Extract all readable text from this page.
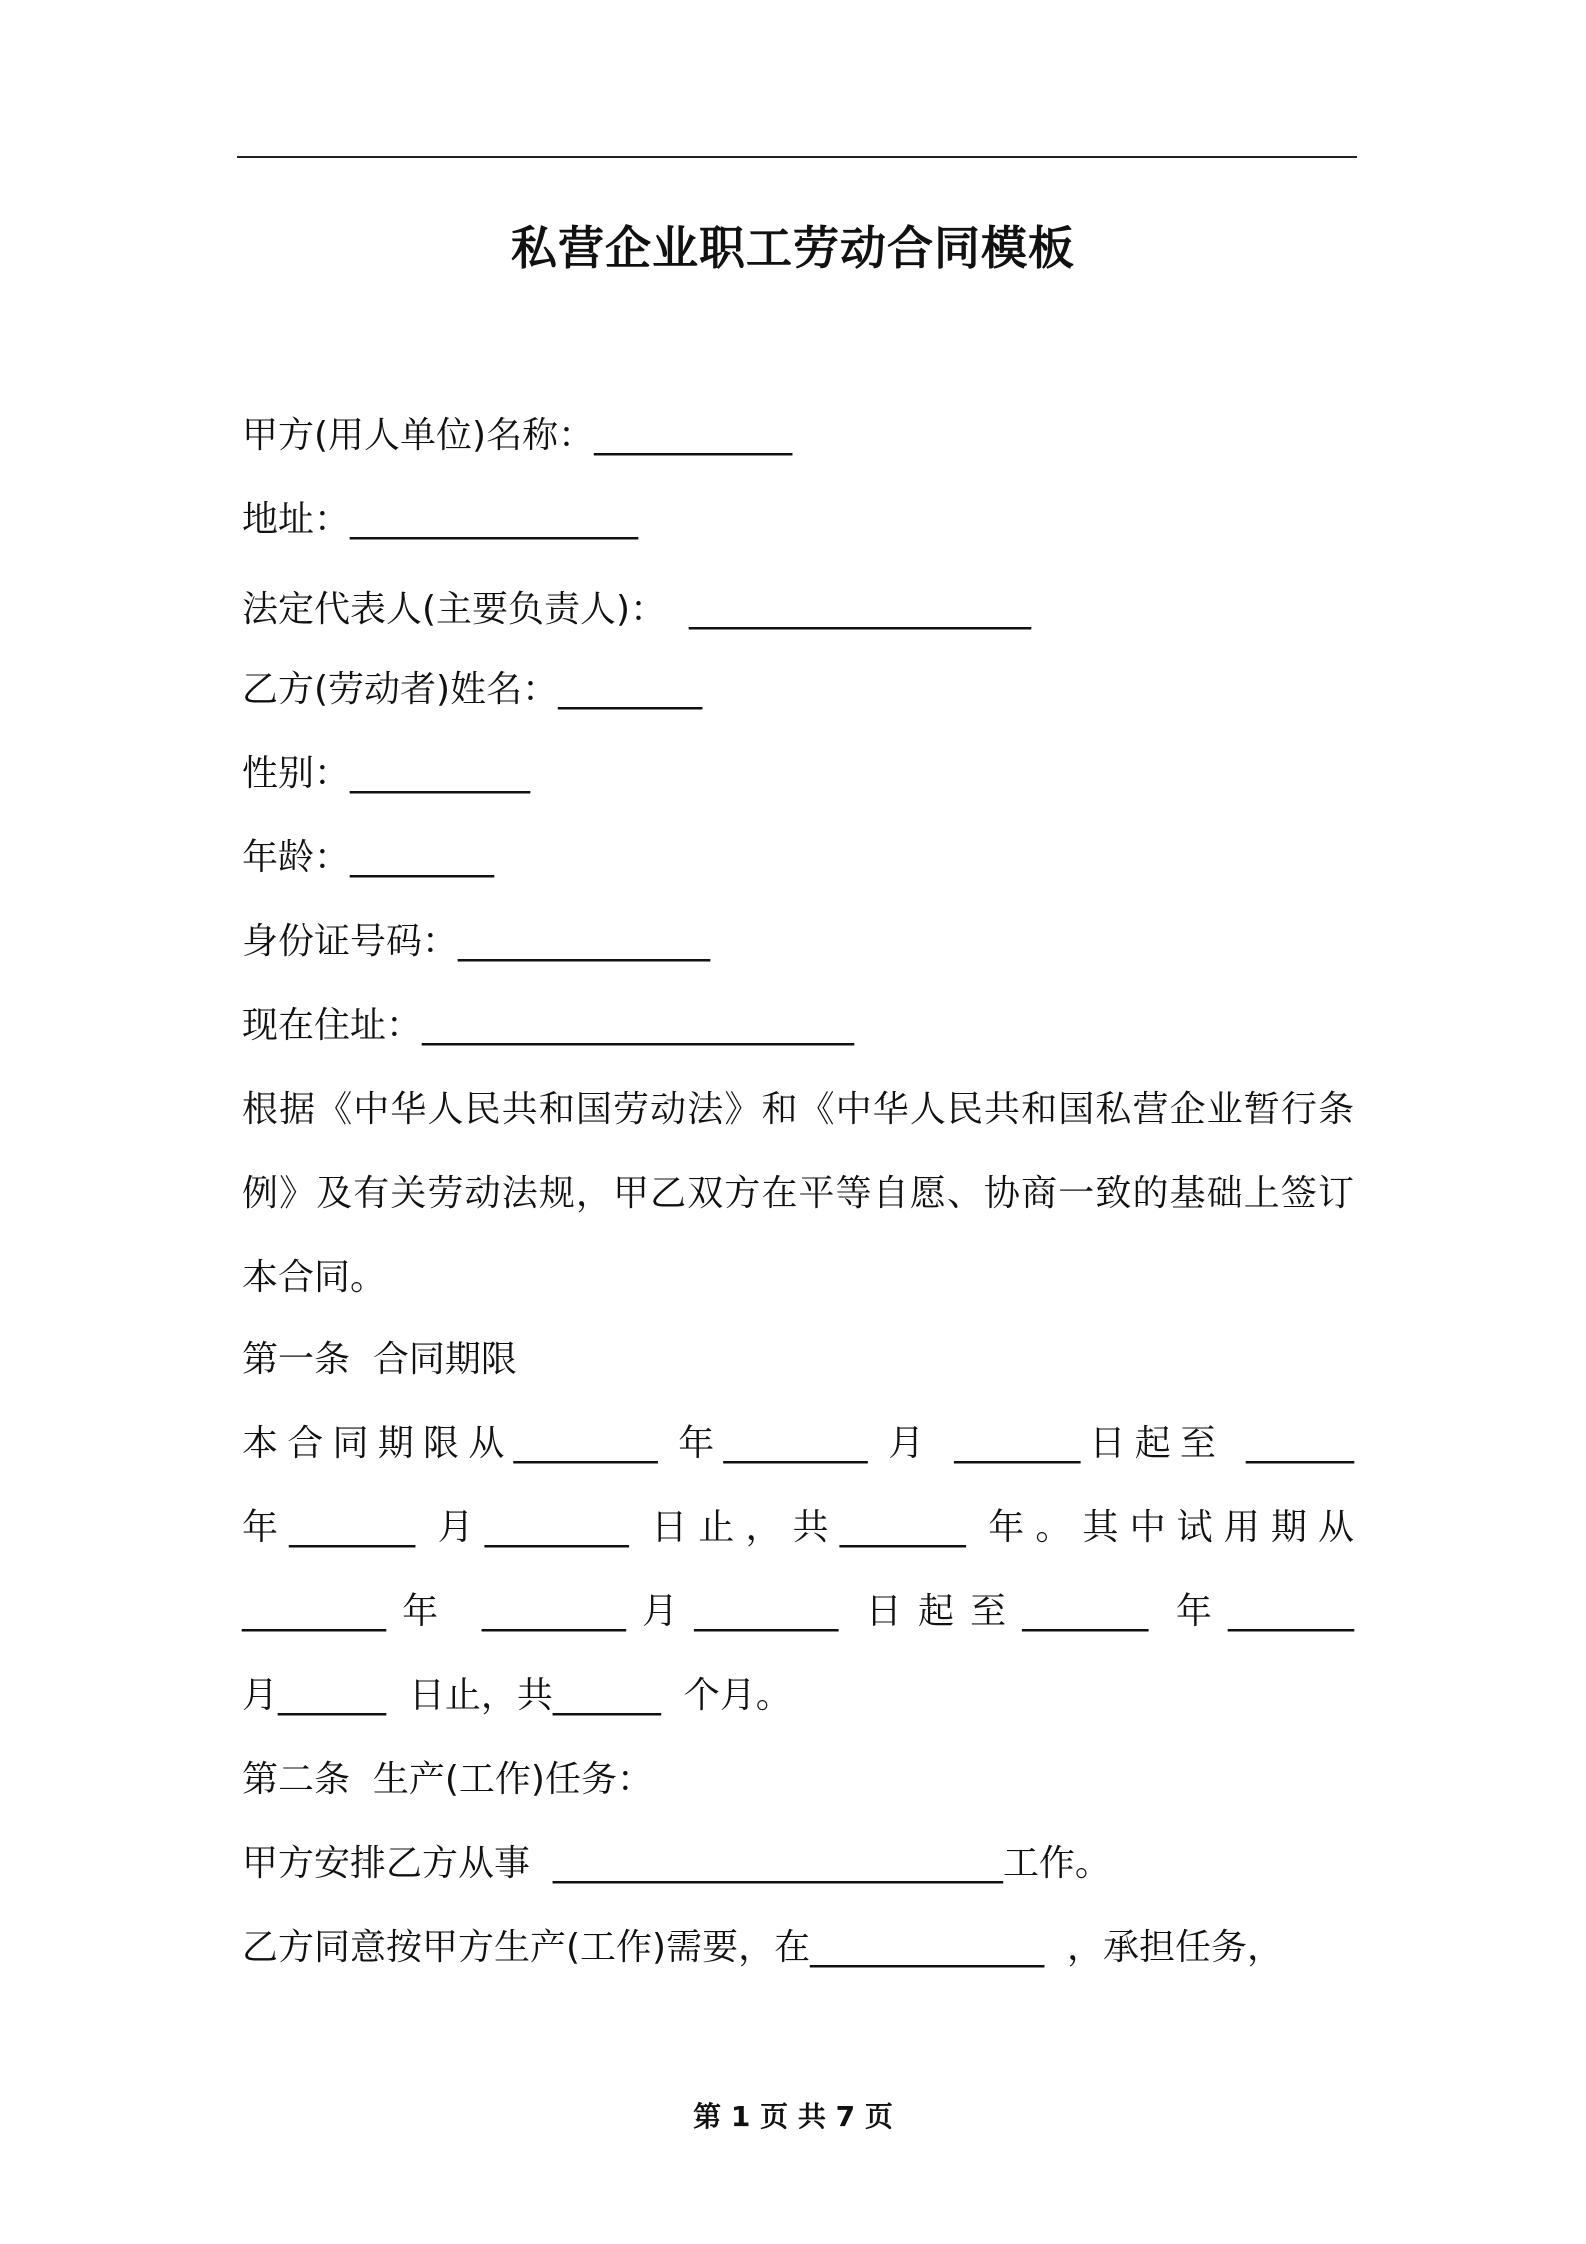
私营企业职工劳动合同模板
甲方(用人单位)名称：___________
地址：________________
法定代表人(主要负责人)：  ___________________
乙方(劳动者)姓名：________
性别：__________
年龄：________
身份证号码：______________
现在住址：________________________
根据《中华人民共和国劳动法》和《中华人民共和国私营企业暂行条
例》及有关劳动法规，甲乙双方在平等自愿、协商一致的基础上签订
本合同。
第一条  合同期限
本合同期限从________ 年________ 月 _______日起至 ______
年_______ 月________ 日止，共_______ 年。其中试用期从
________年 ________月________ 日起至_______ 年_______
月______  日止，共______  个月。
第二条  生产(工作)任务：
甲方安排乙方从事  _________________________工作。
乙方同意按甲方生产(工作)需要，在_____________  ，承担任务，
第 1 页 共 7 页
